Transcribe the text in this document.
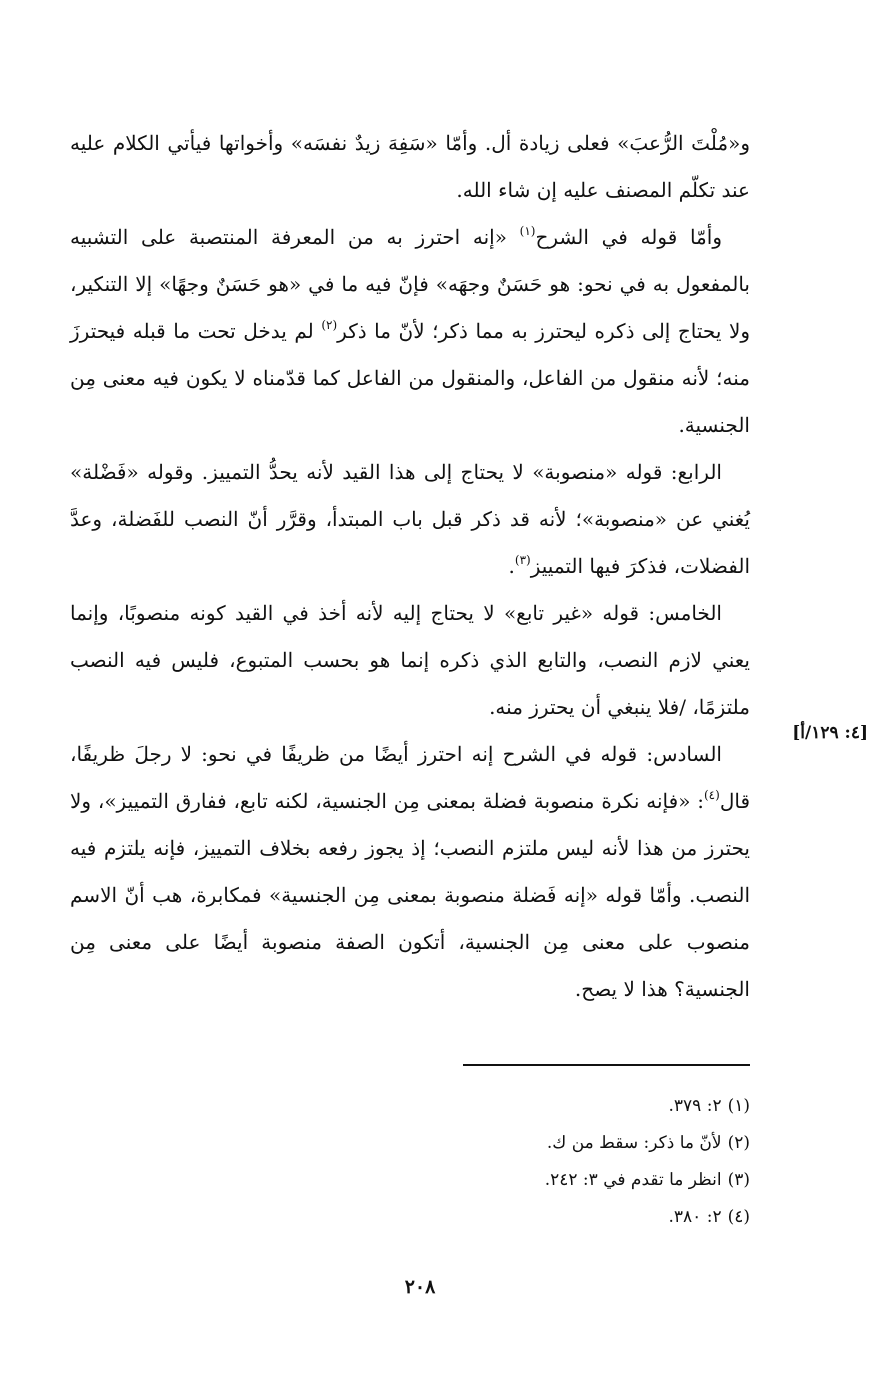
و«مُلْتَ الرُّعبَ» فعلى زيادة أل. وأمّا «سَفِهَ زيدٌ نفسَه» وأخواتها فيأتي الكلام عليه عند تكلّم المصنف عليه إن شاء الله.

وأمّا قوله في الشرح$^{(١)}$ «إنه احترز به من المعرفة المنتصبة على التشبيه بالمفعول به في نحو: هو حَسَنٌ وجهَه» فإنّ فيه ما في «هو حَسَنٌ وجهًا» إلا التنكير، ولا يحتاج إلى ذكره ليحترز به مما ذكر؛ لأنّ ما ذكر$^{(٢)}$ لم يدخل تحت ما قبله فيحترزَ منه؛ لأنه منقول من الفاعل، والمنقول من الفاعل كما قدّمناه لا يكون فيه معنى مِن الجنسية.

الرابع: قوله «منصوبة» لا يحتاج إلى هذا القيد لأنه يحدُّ التمييز. وقوله «فَضْلة» يُغني عن «منصوبة»؛ لأنه قد ذكر قبل باب المبتدأ، وقرَّر أنّ النصب للفَضلة، وعدَّ الفضلات، فذكرَ فيها التمييز$^{(٣)}$.

الخامس: قوله «غير تابع» لا يحتاج إليه لأنه أخذ في القيد كونه منصوبًا، وإنما يعني لازم النصب، والتابع الذي ذكره إنما هو بحسب المتبوع، فليس فيه النصب ملتزمًا، /فلا ينبغي أن يحترز منه.

السادس: قوله في الشرح إنه احترز أيضًا من ظريفًا في نحو: لا رجلَ ظريفًا، قال$^{(٤)}$: «فإنه نكرة منصوبة فضلة بمعنى مِن الجنسية، لكنه تابع، ففارق التمييز»، ولا يحترز من هذا لأنه ليس ملتزم النصب؛ إذ يجوز رفعه بخلاف التمييز، فإنه يلتزم فيه النصب. وأمّا قوله «إنه فَضلة منصوبة بمعنى مِن الجنسية» فمكابرة، هب أنّ الاسم منصوب على معنى مِن الجنسية، أتكون الصفة منصوبة أيضًا على معنى مِن الجنسية؟ هذا لا يصح.

[٤: ١٢٩/أ]

(١)٢: ٣٧٩.

(٢)لأنّ ما ذكر: سقط من ك.

(٣)انظر ما تقدم في ٣: ٢٤٢.

(٤)٢: ٣٨٠.

٢٠٨
